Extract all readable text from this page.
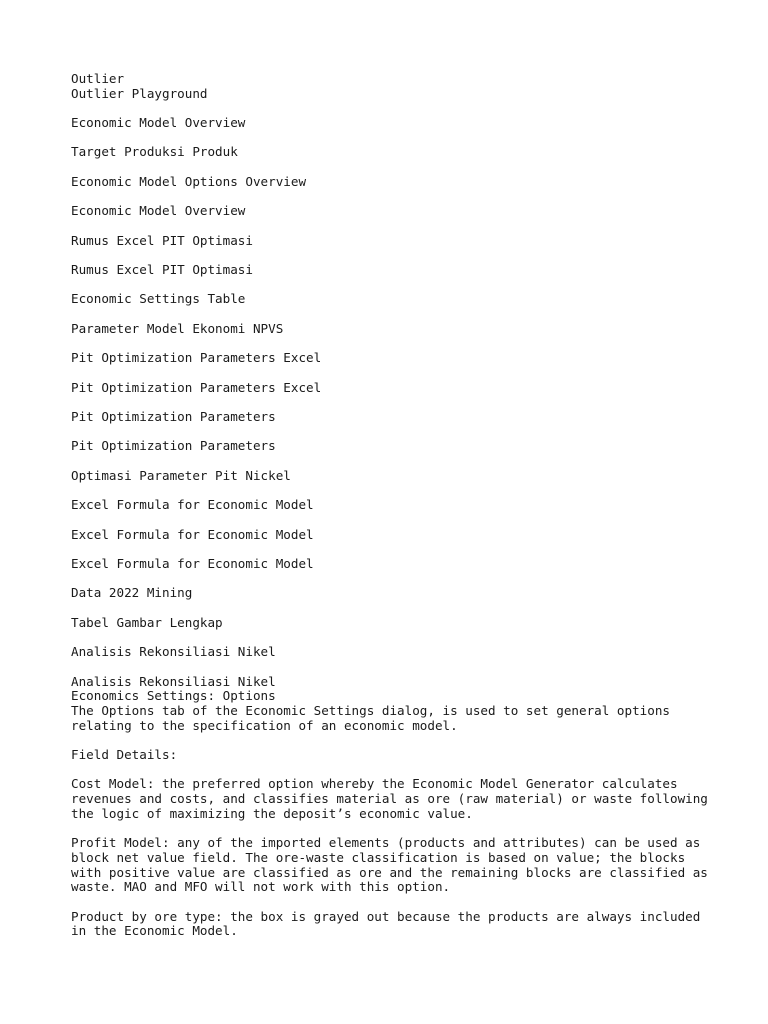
Outlier
Outlier Playground
Economic Model Overview
Target Produksi Produk
Economic Model Options Overview
Economic Model Overview
Rumus Excel PIT Optimasi
Rumus Excel PIT Optimasi
Economic Settings Table
Parameter Model Ekonomi NPVS
Pit Optimization Parameters Excel
Pit Optimization Parameters Excel
Pit Optimization Parameters
Pit Optimization Parameters
Optimasi Parameter Pit Nickel
Excel Formula for Economic Model
Excel Formula for Economic Model
Excel Formula for Economic Model
Data 2022 Mining
Tabel Gambar Lengkap
Analisis Rekonsiliasi Nikel
Analisis Rekonsiliasi Nikel
Economics Settings: Options
The Options tab of the Economic Settings dialog, is used to set general options relating to the specification of an economic model.
Field Details:
Cost Model: the preferred option whereby the Economic Model Generator calculates revenues and costs, and classifies material as ore (raw material) or waste following the logic of maximizing the deposit’s economic value.
Profit Model: any of the imported elements (products and attributes) can be used as block net value field. The ore-waste classification is based on value; the blocks with positive value are classified as ore and the remaining blocks are classified as waste. MAO and MFO will not work with this option.
Product by ore type: the box is grayed out because the products are always included in the Economic Model.
